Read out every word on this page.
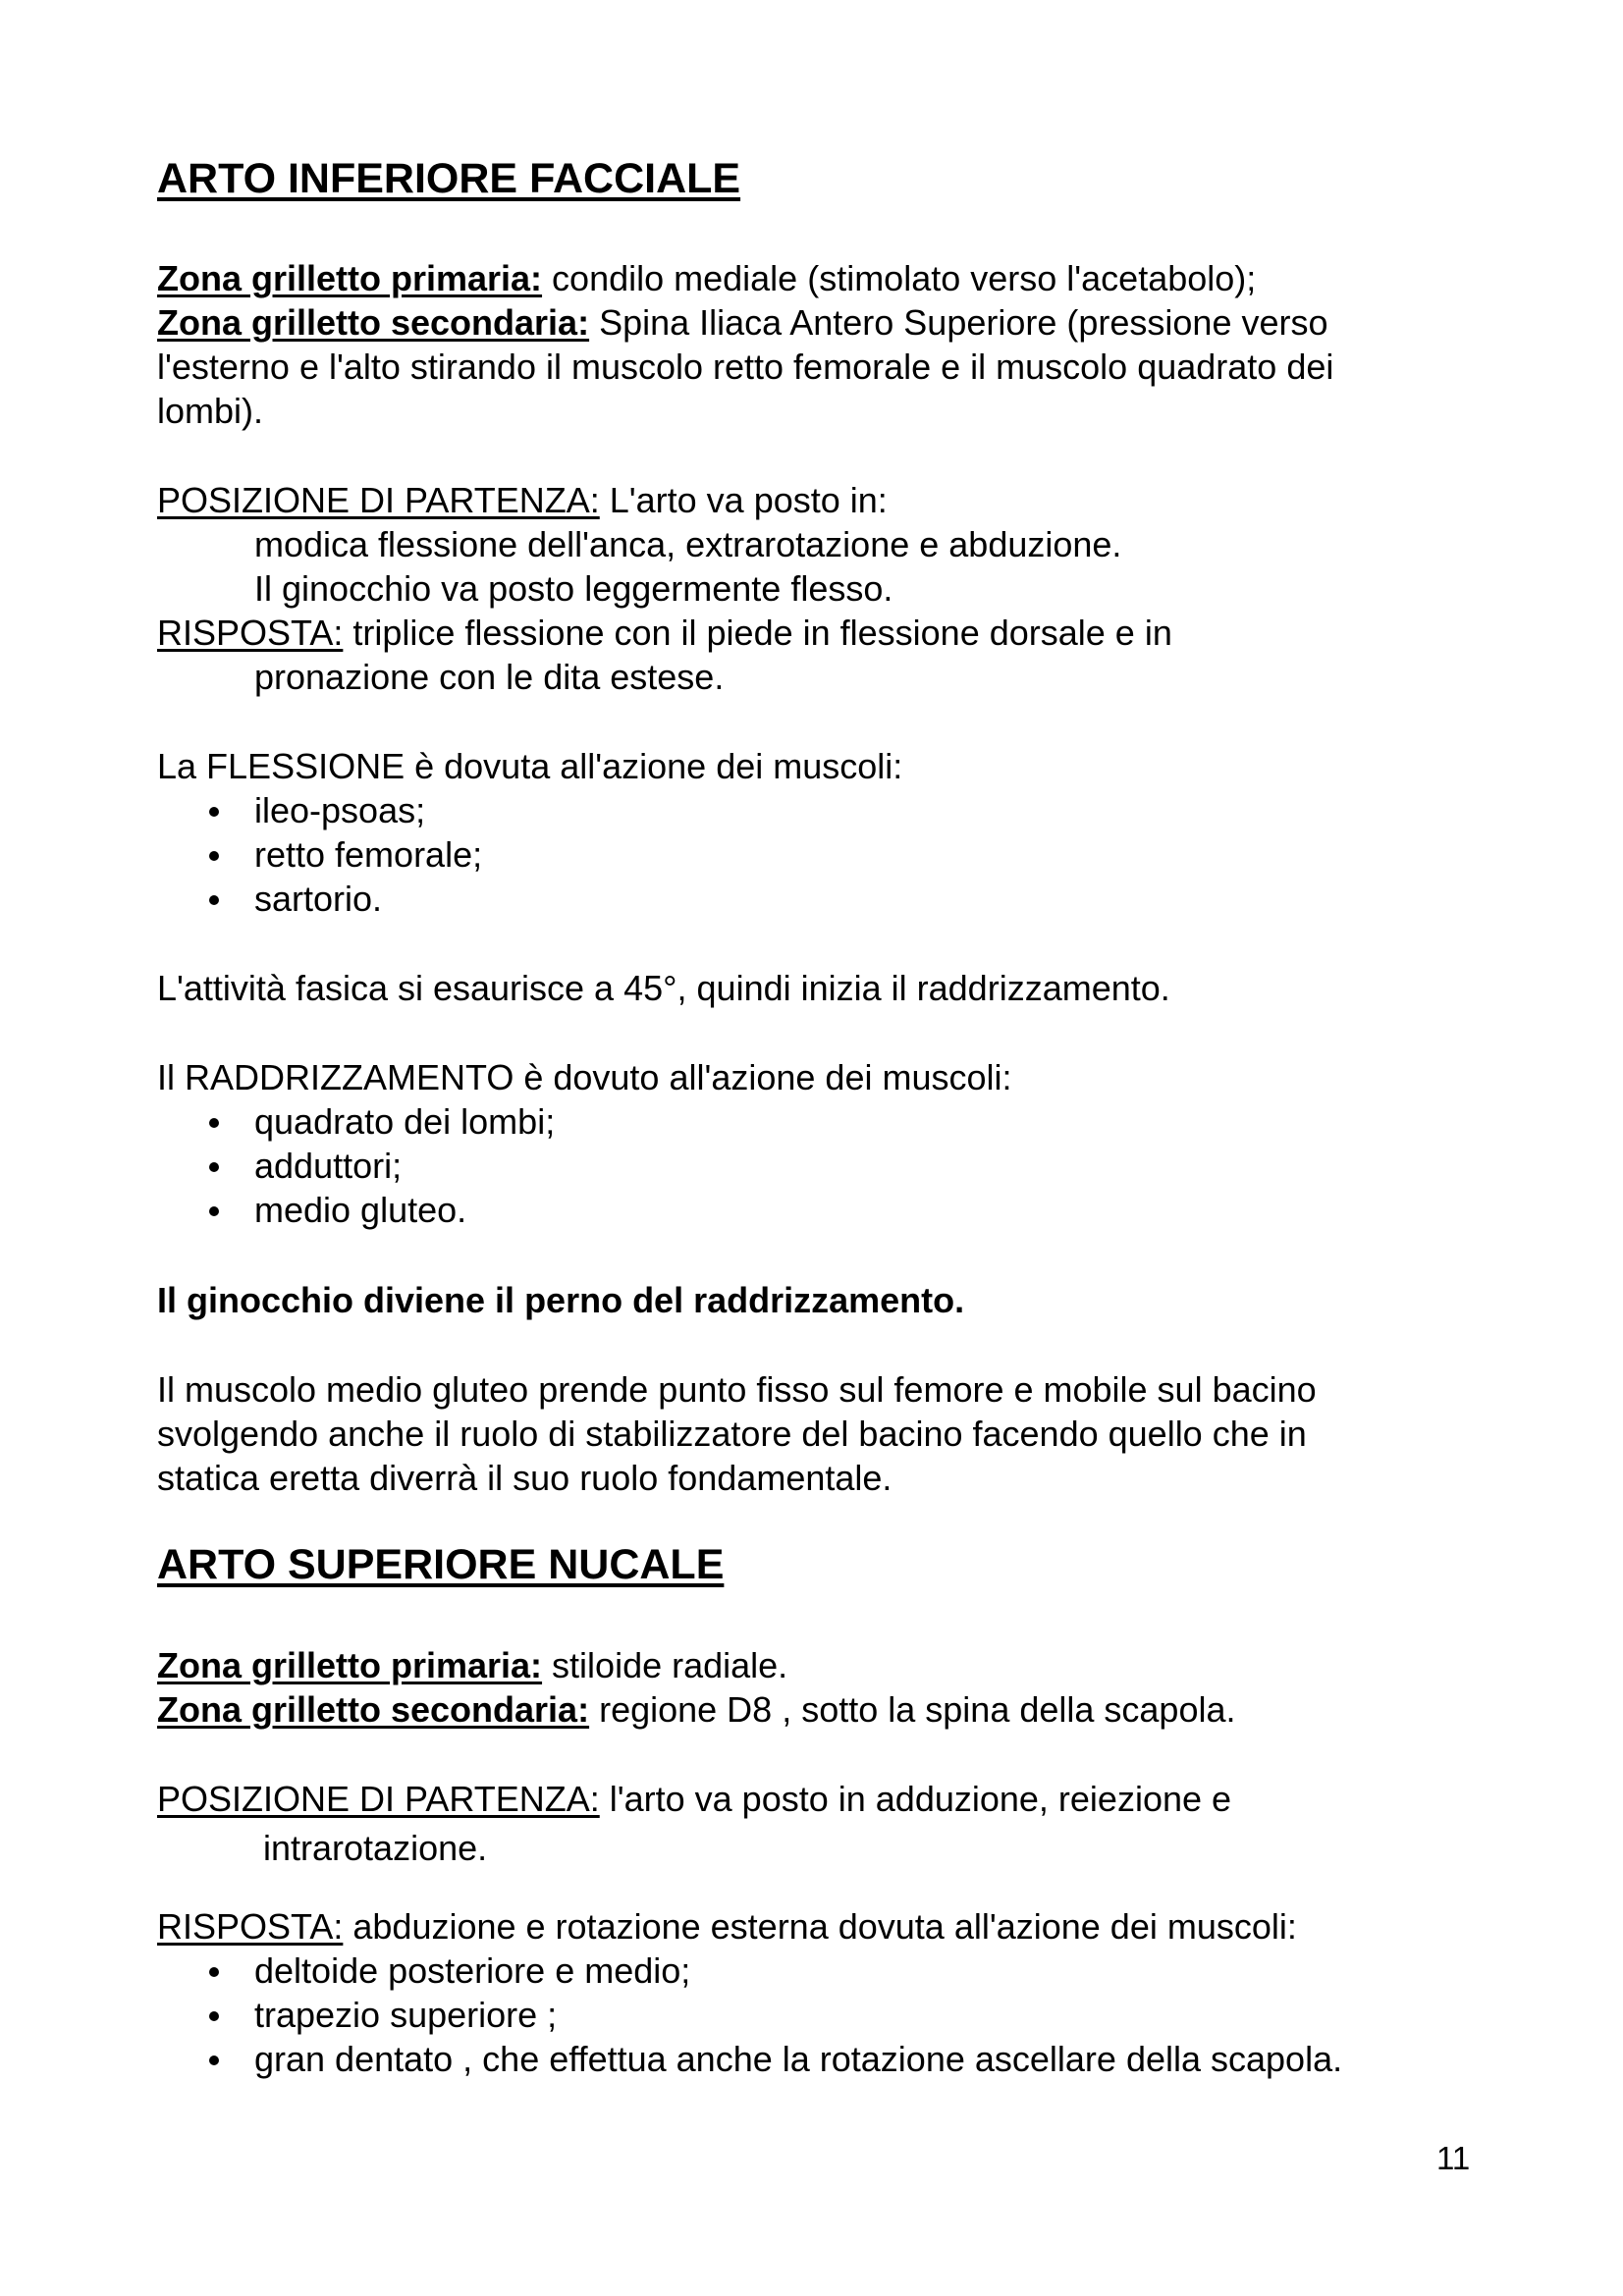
ARTO INFERIORE FACCIALE
Zona grilletto primaria: condilo mediale (stimolato verso l'acetabolo);
Zona grilletto secondaria: Spina Iliaca Antero Superiore (pressione verso
l'esterno e l'alto stirando il muscolo retto femorale e il muscolo quadrato dei
lombi).
POSIZIONE DI PARTENZA: L'arto va posto in:
modica flessione dell'anca, extrarotazione e abduzione.
Il ginocchio va posto leggermente flesso.
RISPOSTA: triplice flessione con il piede in flessione dorsale e in
pronazione con le dita estese.
La FLESSIONE è dovuta all'azione dei muscoli:
ileo-psoas;
retto femorale;
sartorio.
L'attività fasica si esaurisce a 45°, quindi inizia il raddrizzamento.
Il RADDRIZZAMENTO è dovuto all'azione dei muscoli:
quadrato dei lombi;
adduttori;
medio gluteo.
Il ginocchio diviene il perno del raddrizzamento.
Il muscolo medio gluteo prende punto fisso sul femore e mobile sul bacino
svolgendo anche il ruolo di stabilizzatore del bacino facendo quello che in
statica eretta diverrà il suo ruolo fondamentale.
ARTO SUPERIORE NUCALE
Zona grilletto primaria: stiloide radiale.
Zona grilletto secondaria: regione D8 , sotto la spina della scapola.
POSIZIONE DI PARTENZA: l'arto va posto in adduzione, reiezione e
intrarotazione.
RISPOSTA: abduzione e rotazione esterna dovuta all'azione dei muscoli:
deltoide posteriore e medio;
trapezio superiore ;
gran dentato , che effettua anche la rotazione ascellare della scapola.
11
